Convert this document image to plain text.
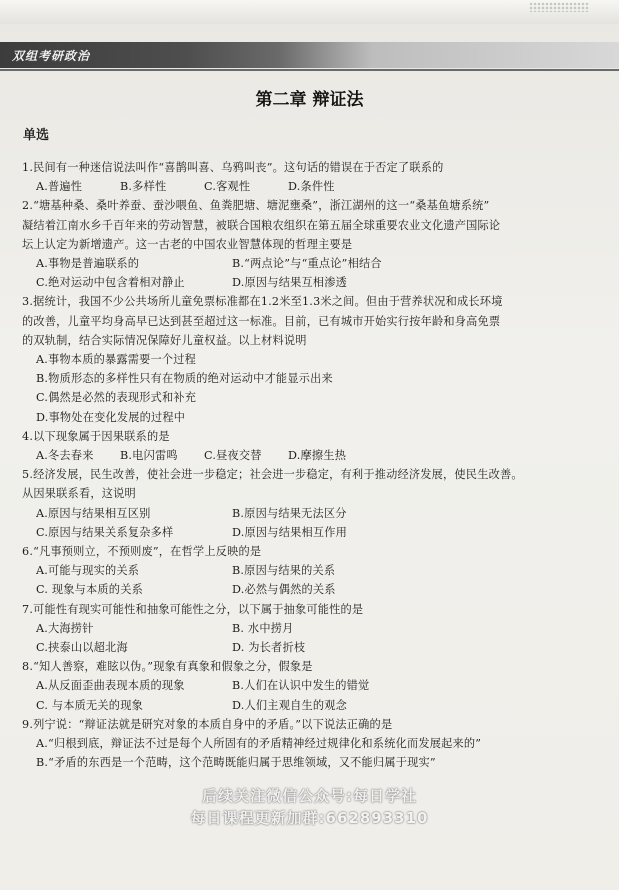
双组考研政治
第二章 辩证法
单选

1.民间有一种迷信说法叫作“喜鹊叫喜、乌鸦叫丧”。这句话的错误在于否定了联系的

A.普遍性	B.多样性	C.客观性	D.条件性

2.“塘基种桑、桑叶养蚕、蚕沙喂鱼、鱼粪肥塘、塘泥壅桑”，浙江湖州的这一“桑基鱼塘系统”

凝结着江南水乡千百年来的劳动智慧，被联合国粮农组织在第五届全球重要农业文化遗产国际论

坛上认定为新增遗产。这一古老的中国农业智慧体现的哲理主要是

A.事物是普遍联系的	B.“两点论”与“重点论”相结合
C.绝对运动中包含着相对静止	D.原因与结果互相渗透

3.据统计，我国不少公共场所儿童免票标准都在1.2米至1.3米之间。但由于营养状况和成长环境

的改善，儿童平均身高早已达到甚至超过这一标准。目前，已有城市开始实行按年龄和身高免票

的双轨制，结合实际情况保障好儿童权益。以上材料说明

A.事物本质的暴露需要一个过程

B.物质形态的多样性只有在物质的绝对运动中才能显示出来

C.偶然是必然的表现形式和补充

D.事物处在变化发展的过程中

4.以下现象属于因果联系的是

A.冬去春来	B.电闪雷鸣	C.昼夜交替	D.摩擦生热

5.经济发展，民生改善，使社会进一步稳定；社会进一步稳定，有利于推动经济发展，使民生改善。

从因果联系看，这说明

A.原因与结果相互区别	B.原因与结果无法区分
C.原因与结果关系复杂多样	D.原因与结果相互作用

6.“凡事预则立，不预则废”，在哲学上反映的是

A.可能与现实的关系	B.原因与结果的关系
C. 现象与本质的关系	D.必然与偶然的关系

7.可能性有现实可能性和抽象可能性之分，以下属于抽象可能性的是

A.大海捞针	B. 水中捞月
C.挟泰山以超北海	D. 为长者折枝

8.“知人善察，难眩以伪。”现象有真象和假象之分，假象是

A.从反面歪曲表现本质的现象	B.人们在认识中发生的错觉
C. 与本质无关的现象	D.人们主观自生的观念

9.列宁说：“辩证法就是研究对象的本质自身中的矛盾。”以下说法正确的是

A.“归根到底，辩证法不过是每个人所固有的矛盾精神经过规律化和系统化而发展起来的”

B.“矛盾的东西是一个范畴，这个范畴既能归属于思维领域，又不能归属于现实”

后续关注微信公众号:每日学社
每日课程更新加群:662893310
